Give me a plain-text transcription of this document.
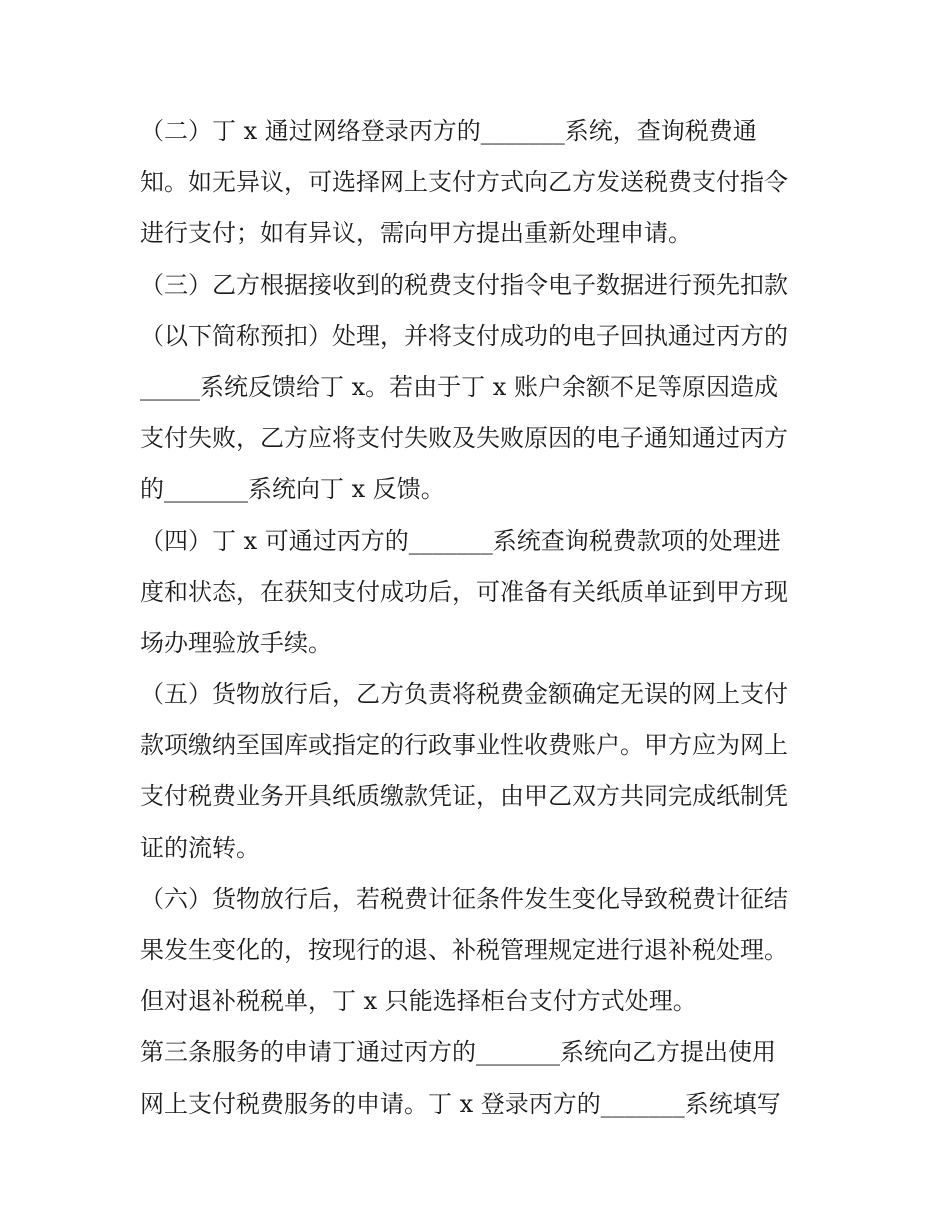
（二）丁 x 通过网络登录丙方的_______系统，查询税费通
知。如无异议，可选择网上支付方式向乙方发送税费支付指令
进行支付；如有异议，需向甲方提出重新处理申请。
（三）乙方根据接收到的税费支付指令电子数据进行预先扣款
（以下简称预扣）处理，并将支付成功的电子回执通过丙方的
_____系统反馈给丁 x。若由于丁 x 账户余额不足等原因造成
支付失败，乙方应将支付失败及失败原因的电子通知通过丙方
的_______系统向丁 x 反馈。
（四）丁 x 可通过丙方的_______系统查询税费款项的处理进
度和状态，在获知支付成功后，可准备有关纸质单证到甲方现
场办理验放手续。
（五）货物放行后，乙方负责将税费金额确定无误的网上支付
款项缴纳至国库或指定的行政事业性收费账户。甲方应为网上
支付税费业务开具纸质缴款凭证，由甲乙双方共同完成纸制凭
证的流转。
（六）货物放行后，若税费计征条件发生变化导致税费计征结
果发生变化的，按现行的退、补税管理规定进行退补税处理。
但对退补税税单，丁 x 只能选择柜台支付方式处理。
第三条服务的申请丁通过丙方的_______系统向乙方提出使用
网上支付税费服务的申请。丁 x 登录丙方的_______系统填写
